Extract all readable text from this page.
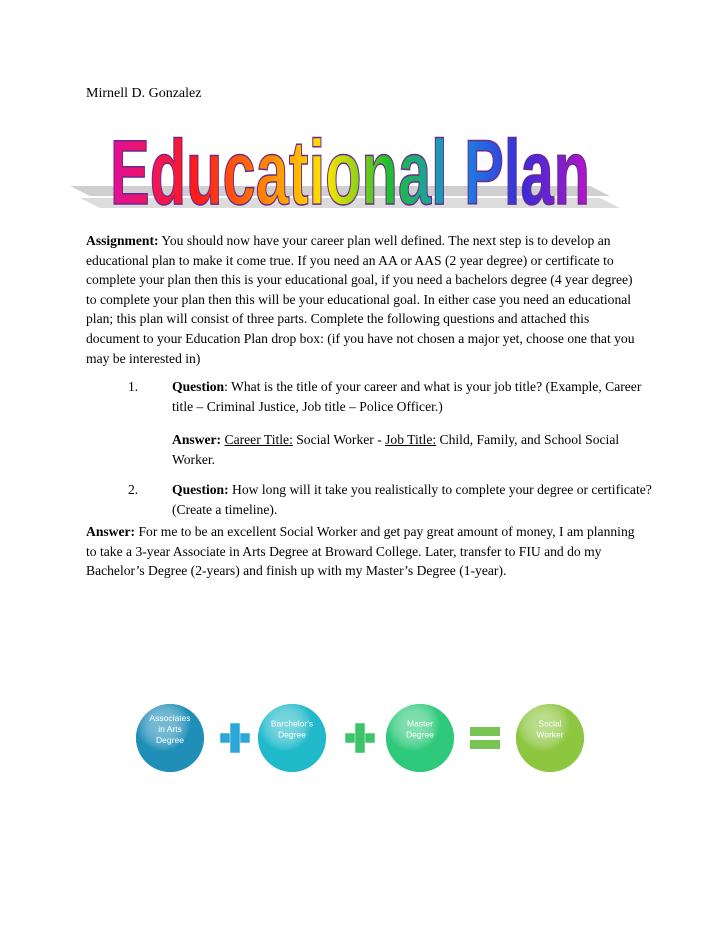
Mirnell D. Gonzalez
Educational Plan
Assignment: You should now have your career plan well defined. The next step is to develop an educational plan to make it come true. If you need an AA or AAS (2 year degree) or certificate to complete your plan then this is your educational goal, if you need a bachelors degree (4 year degree) to complete your plan then this will be your educational goal. In either case you need an educational plan; this plan will consist of three parts. Complete the following questions and attached this document to your Education Plan drop box: (if you have not chosen a major yet, choose one that you may be interested in)
1. Question: What is the title of your career and what is your job title? (Example, Career title – Criminal Justice, Job title – Police Officer.)
Answer: Career Title: Social Worker - Job Title: Child, Family, and School Social Worker.
2. Question: How long will it take you realistically to complete your degree or certificate? (Create a timeline).
Answer: For me to be an excellent Social Worker and get pay great amount of money, I am planning to take a 3-year Associate in Arts Degree at Broward College. Later, transfer to FIU and do my Bachelor’s Degree (2-years) and finish up with my Master’s Degree (1-year).
Associates
in Arts
Degree
Barchelor's
Degree
Master
Degree
Social
Worker
